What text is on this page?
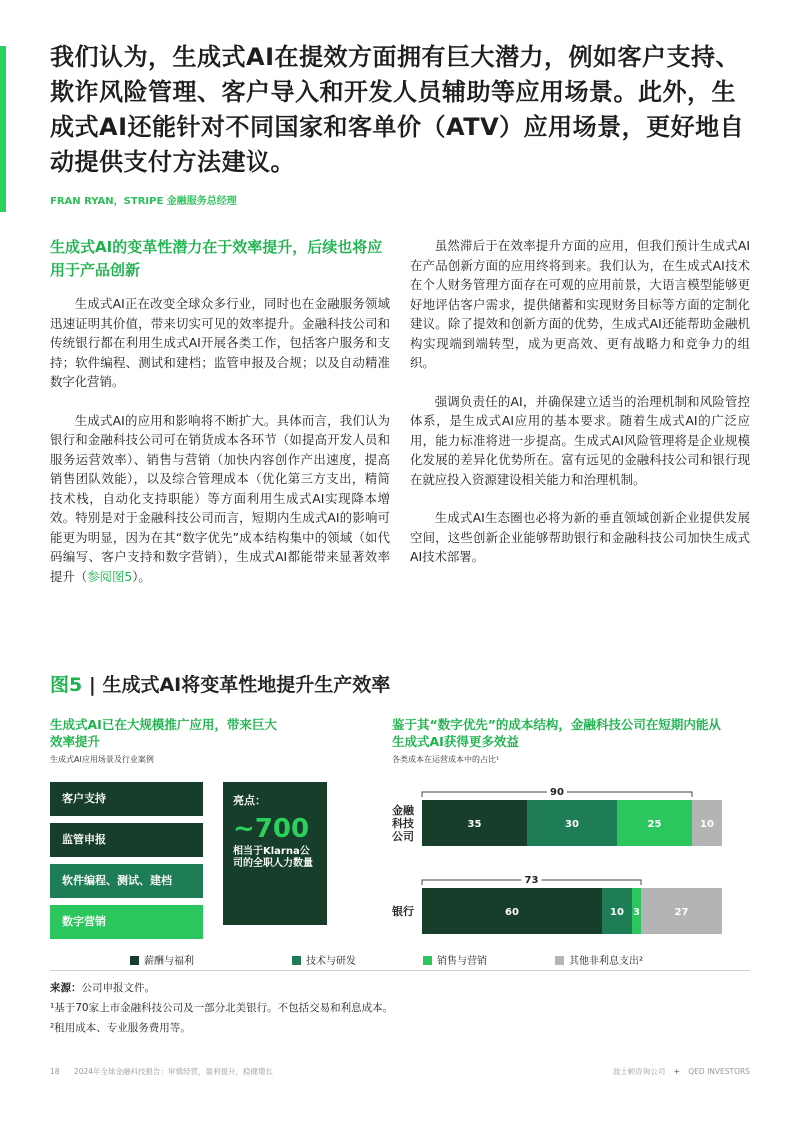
我们认为，生成式AI在提效方面拥有巨大潜力，例如客户支持、欺诈风险管理、客户导入和开发人员辅助等应用场景。此外，生成式AI还能针对不同国家和客单价（ATV）应用场景，更好地自动提供支付方法建议。

FRAN RYAN，STRIPE 金融服务总经理
生成式AI的变革性潜力在于效率提升，后续也将应用于产品创新

生成式AI正在改变全球众多行业，同时也在金融服务领域迅速证明其价值，带来切实可见的效率提升。金融科技公司和传统银行都在利用生成式AI开展各类工作，包括客户服务和支持；软件编程、测试和建档；监管申报及合规；以及自动精准数字化营销。

生成式AI的应用和影响将不断扩大。具体而言，我们认为银行和金融科技公司可在销货成本各环节（如提高开发人员和服务运营效率）、销售与营销（加快内容创作产出速度，提高销售团队效能），以及综合管理成本（优化第三方支出，精简技术栈，自动化支持职能）等方面利用生成式AI实现降本增效。特别是对于金融科技公司而言，短期内生成式AI的影响可能更为明显，因为在其“数字优先”成本结构集中的领域（如代码编写、客户支持和数字营销），生成式AI都能带来显著效率提升（参阅图5）。

虽然滞后于在效率提升方面的应用，但我们预计生成式AI在产品创新方面的应用终将到来。我们认为，在生成式AI技术在个人财务管理方面存在可观的应用前景，大语言模型能够更好地评估客户需求，提供储蓄和实现财务目标等方面的定制化建议。除了提效和创新方面的优势，生成式AI还能帮助金融机构实现端到端转型，成为更高效、更有战略力和竞争力的组织。

强调负责任的AI，并确保建立适当的治理机制和风险管控体系，是生成式AI应用的基本要求。随着生成式AI的广泛应用，能力标准将进一步提高。生成式AI风险管理将是企业规模化发展的差异化优势所在。富有远见的金融科技公司和银行现在就应投入资源建设相关能力和治理机制。

生成式AI生态圈也必将为新的垂直领域创新企业提供发展空间，这些创新企业能够帮助银行和金融科技公司加快生成式AI技术部署。

图5 | 生成式AI将变革性地提升生产效率
生成式AI已在大规模推广应用，带来巨大效率提升
生成式AI应用场景及行业案例
客户支持
监管申报
软件编程、测试、建档
数字营销
亮点：
~700
相当于Klarna公司的全职人力数量
鉴于其“数字优先”的成本结构，金融科技公司在短期内能从生成式AI获得更多效益
各类成本在运营成本中的占比¹
金融科技公司
90
35	30	25	10
银行
73
60	10 3	27
薪酬与福利	技术与研发	销售与营销	其他非利息支出²
来源：公司申报文件。
¹基于70家上市金融科技公司及一部分北美银行。不包括交易和利息成本。
²租用成本、专业服务费用等。
18 2024年全球金融科技报告：审慎经营，盈利提升，稳健增长	波士顿咨询公司 + QED INVESTORS
